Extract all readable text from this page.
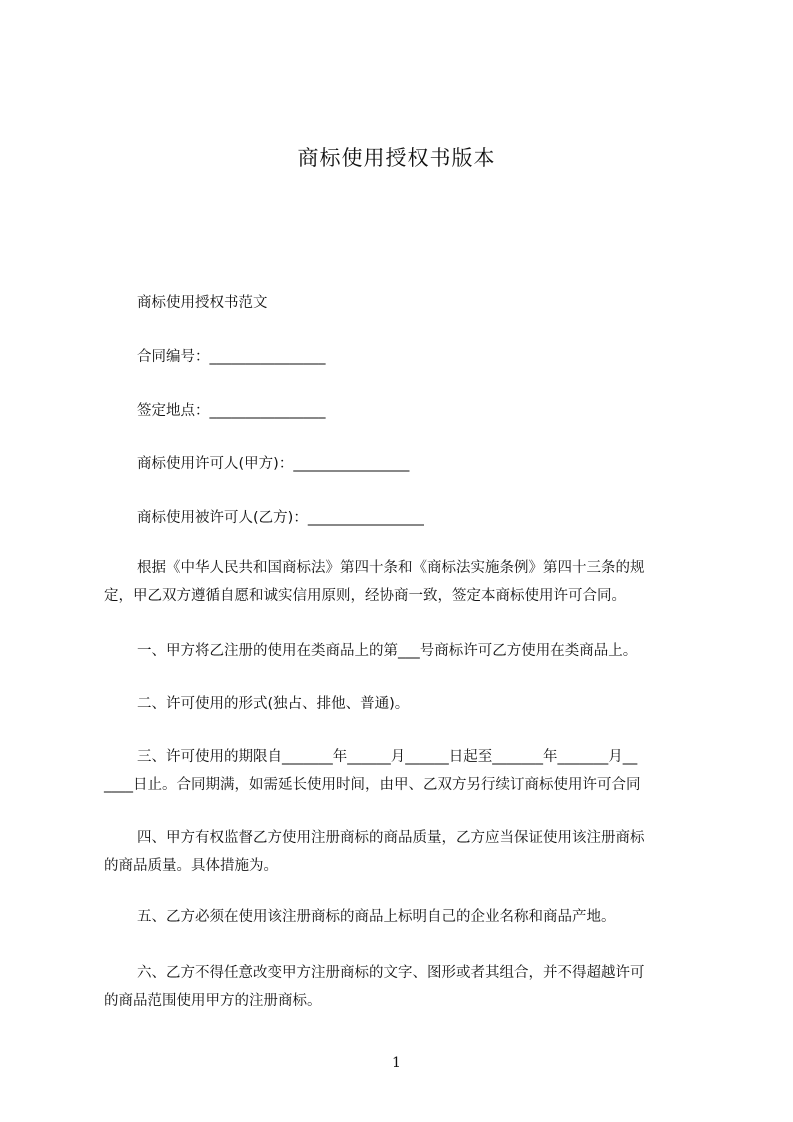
商标使用授权书版本
商标使用授权书范文
合同编号：________________
签定地点：________________
商标使用许可人(甲方)：________________
商标使用被许可人(乙方)：________________
根据《中华人民共和国商标法》第四十条和《商标法实施条例》第四十三条的规
定，甲乙双方遵循自愿和诚实信用原则，经协商一致，签定本商标使用许可合同。
一、甲方将乙注册的使用在类商品上的第___号商标许可乙方使用在类商品上。
二、许可使用的形式(独占、排他、普通)。
三、许可使用的期限自_______年______月______日起至_______年_______月__
____日止。合同期满，如需延长使用时间，由甲、乙双方另行续订商标使用许可合同
四、甲方有权监督乙方使用注册商标的商品质量，乙方应当保证使用该注册商标
的商品质量。具体措施为。
五、乙方必须在使用该注册商标的商品上标明自己的企业名称和商品产地。
六、乙方不得任意改变甲方注册商标的文字、图形或者其组合，并不得超越许可
的商品范围使用甲方的注册商标。
1
